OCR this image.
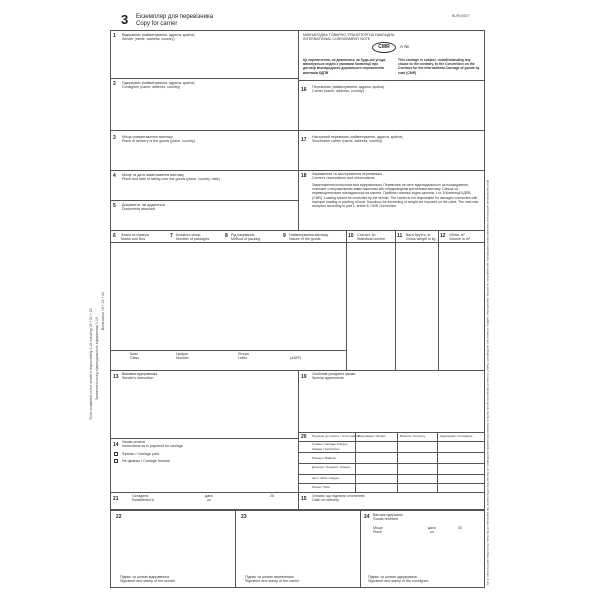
3 Екземпляр для перевізника
Copy for carrier
BURO|SET
Заповнюється під відповідальність відправника 1-15
Включаючи 19 + 21 + 22
To be completed on the sender's responsibility 1-15 including 19 + 21 + 22	Для перевезення небезпечних вантажів окрім сертифікату, що надається на розсуд, вказати клас, цифру, а також при необхідності букву / In case of dangerous goods mention, besides the possible certification, on the last line of the column the particulars of the class, the number and the letter, if any
1 Відправник (найменування, адреса, країна)
Sender (name, address, country)
МІЖНАРОДНА ТОВАРНО-ТРАНСПОРТНА НАКЛАДНА
INTERNATIONAL CONSIGNMENT NOTE
CMR	A №
Це перевезення, не дивлячись на будь-які угоди, виконується згідно з умовами Конвенції про договір міжнародного дорожнього перевезення вантажів КДПВ
This carriage is subject, notwithstanding any clause to the contrary, to the Convention on the Contract for the International Carriage of goods by road (CMR)
2 Одержувач (найменування, адреса, країна)
Consignee (name, address, country)	16 Перевізник (найменування, адреса, країна)
Carrier (name, address, country)
3 Місце розвантаження вантажу
Place of delivery of the goods (place, country)	17 Наступний перевізник (найменування, адреса, країна)
Successive carrier (name, address, country)
4 Місце та дата завантаження вантажу
Place and date of taking over the goods (place, country, date)
5 Документи, які додаються
Documents attached
18 Зауваження та застереження перевізника
Carrier's reservations and observations
Завантаження контролюється відправником. Перевізник не несе відповідальності за пошкодження, пов'язані з неправильним завантаженням або невідповідним кріпленням вантажу. Санкції за перевищення ваги покладаються на клієнта. Прийнято вантаж згідно частини 1 ст. 8 Конвенції КДПВ (CMR). Loading should be controlled by the sender. The carrier is not responsible for damages connected with improper loading or packing of load. Sanctions for exceeding of weight are imposed on the client. The load was accepted according to part 1, article 8, CMR Convention.
6 Знаки та номери
Marks and Nos	7 Кількість місць
Number of packages	8 Рід пакування
Method of packing	9 Найменування вантажу
Nature of the goods	10 Статист. №
Statistical number 11 Вага брутто, кг
Gross weight in kg 12 Об'єм, м³
Volume in m³
Клас
Class
Цифра
Number
Літера
Letter	(ADR*)
13 Вказівки відправника
Sender's instruction	19 Особливі узгоджені умови
Special agreements
20 Підлягає до оплати / To be paid by
Відправник / Sender	Валюта / Currency	Одержувач / Consignee
Ставка / Carriage charges
Знижки / Deductions
Різниця / Balance
Доплати / Supplem. charges
Інші / Other charges
Разом / Total
14 Умови оплати
Instructions as to payment for carriage
Франко / Carriage paid
Не франко / Carriage forward
21	Складена
Established in
дата
on
20	15 Оплата, що підлягає стягненню
Cash on delivery
22
Підпис та штамп відправника
Signature and stamp of the sender
23
Підпис та штамп перевізника
Signature and stamp of the carrier
24 Вантаж одержано
Goods received
Місце
Place
дата
on
20
Підпис та штамп одержувача
Signature and stamp of the consignee
